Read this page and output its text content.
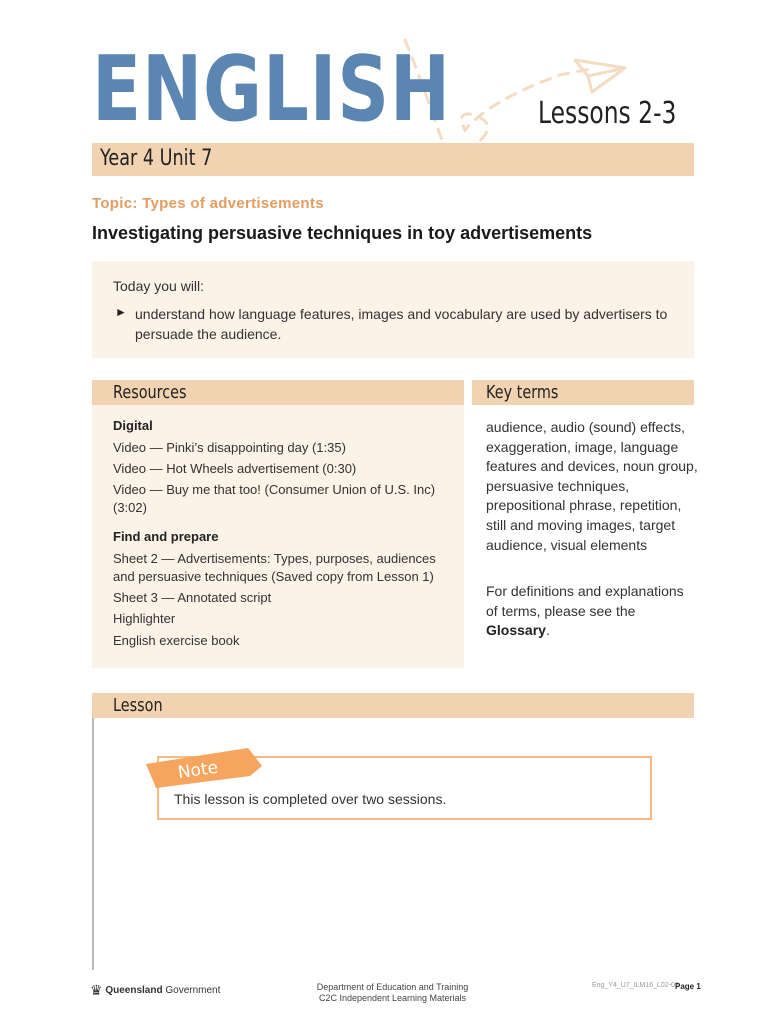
ENGLISH	Lessons 2-3
Year 4 Unit 7
Topic: Types of advertisements
Investigating persuasive techniques in toy advertisements
Today you will:
► understand how language features, images and vocabulary are used by advertisers to persuade the audience.
Resources
Digital
Video — Pinki’s disappointing day (1:35)
Video — Hot Wheels advertisement (0:30)
Video — Buy me that too! (Consumer Union of U.S. Inc)
(3:02)
Find and prepare
Sheet 2 — Advertisements: Types, purposes, audiences
and persuasive techniques (Saved copy from Lesson 1)
Sheet 3 — Annotated script
Highlighter
English exercise book
Key terms
audience, audio (sound) effects, exaggeration, image, language features and devices, noun group, persuasive techniques, prepositional phrase, repetition, still and moving images, target audience, visual elements
For definitions and explanations of terms, please see the Glossary.
Lesson
This lesson is completed over two sessions.
Note
♛ Queensland Government	Department of Education and Training
C2C Independent Learning Materials
Eng_Y4_U7_ILM16_L02-03
Page 1
